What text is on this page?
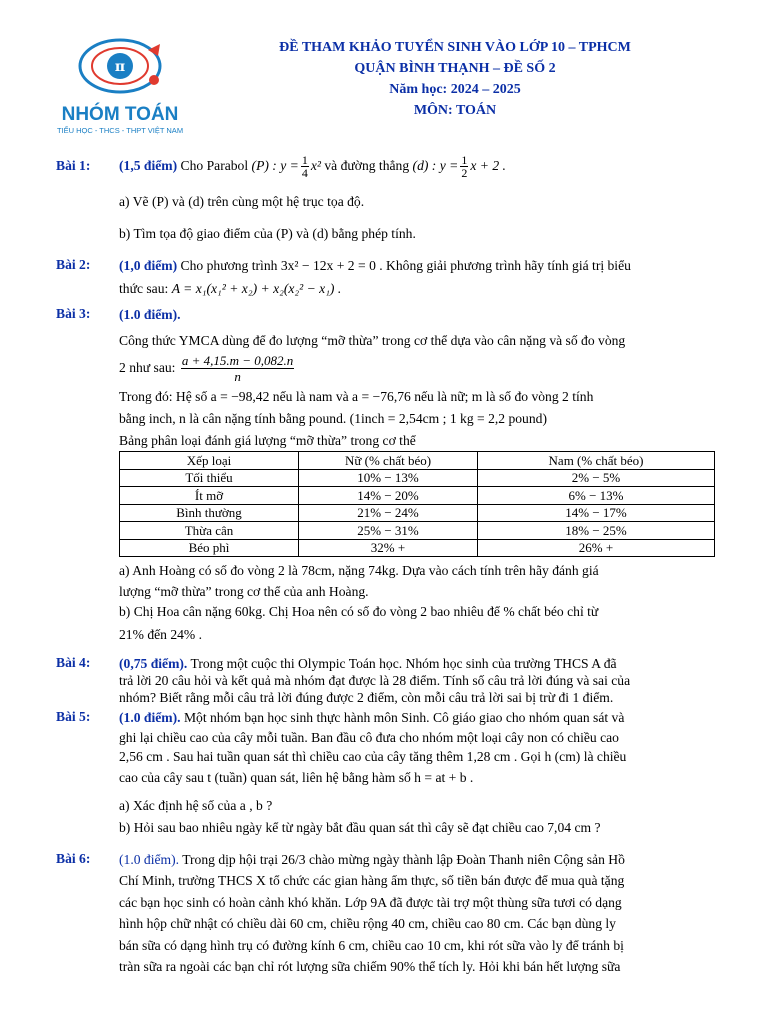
π
NHÓM TOÁN
TIỂU HỌC - THCS - THPT VIỆT NAM
ĐỀ THAM KHẢO TUYỂN SINH VÀO LỚP 10 – TPHCM
QUẬN BÌNH THẠNH – ĐỀ SỐ 2
Năm học: 2024 – 2025
MÔN: TOÁN
Bài 1: (1,5 điểm) Cho Parabol (P) : $y = \frac{1}{4} x^2$ và đường thẳng (d) : $y = \frac{1}{2}$ x + 2 .
a) Vẽ (P) và (d) trên cùng một hệ trục tọa độ.
b) Tìm tọa độ giao điểm của (P) và (d) bằng phép tính.
Bài 2: (1,0 điểm) Cho phương trình 3x² − 12x + 2 = 0 . Không giải phương trình hãy tính giá trị biểu
thức sau: A = x₁(x₁² + x₂) + x₂(x₂² − x₁) .
Bài 3: (1.0 điểm).
Công thức YMCA dùng để đo lượng “mỡ thừa” trong cơ thể dựa vào cân nặng và số đo vòng
2 như sau: $\frac{a + 4,15.m - 0,082.n}{n}$
Trong đó: Hệ số a = −98,42 nếu là nam và a = −76,76 nếu là nữ; m là số đo vòng 2 tính
bằng inch, n là cân nặng tính bằng pound. (1inch = 2,54cm ; 1 kg = 2,2 pound)
Bảng phân loại đánh giá lượng “mỡ thừa” trong cơ thể
Xếp loại	Nữ (% chất béo)	Nam (% chất béo)
Tối thiểu	10% − 13%	2% − 5%
Ít mỡ	14% − 20%	6% − 13%
Bình thường	21% − 24%	14% − 17%
Thừa cân	25% − 31%	18% − 25%
Béo phì	32% +	26% +
a) Anh Hoàng có số đo vòng 2 là 78cm, nặng 74kg. Dựa vào cách tính trên hãy đánh giá
lượng “mỡ thừa” trong cơ thể của anh Hoàng.
b) Chị Hoa cân nặng 60kg. Chị Hoa nên có số đo vòng 2 bao nhiêu để % chất béo chỉ từ
21% đến 24% .
Bài 4: (0,75 điểm). Trong một cuộc thi Olympic Toán học. Nhóm học sinh của trường THCS A đã
trả lời 20 câu hỏi và kết quả mà nhóm đạt được là 28 điểm. Tính số câu trả lời đúng và sai của
nhóm? Biết rằng mỗi câu trả lời đúng được 2 điểm, còn mỗi câu trả lời sai bị trừ đi 1 điểm.
Bài 5: (1.0 điểm). Một nhóm bạn học sinh thực hành môn Sinh. Cô giáo giao cho nhóm quan sát và
ghi lại chiều cao của cây mỗi tuần. Ban đầu cô đưa cho nhóm một loại cây non có chiều cao
2,56 cm . Sau hai tuần quan sát thì chiều cao của cây tăng thêm 1,28 cm . Gọi h (cm) là chiều
cao của cây sau t (tuần) quan sát, liên hệ bằng hàm số h = at + b .
a) Xác định hệ số của a , b ?
b) Hỏi sau bao nhiêu ngày kể từ ngày bắt đầu quan sát thì cây sẽ đạt chiều cao 7,04 cm ?
Bài 6: (1.0 điểm). Trong dịp hội trại 26/3 chào mừng ngày thành lập Đoàn Thanh niên Cộng sản Hồ
Chí Minh, trường THCS X tổ chức các gian hàng ẩm thực, số tiền bán được để mua quà tặng
các bạn học sinh có hoàn cảnh khó khăn. Lớp 9A đã được tài trợ một thùng sữa tươi có dạng
hình hộp chữ nhật có chiều dài 60 cm, chiều rộng 40 cm, chiều cao 80 cm. Các bạn dùng ly
bán sữa có dạng hình trụ có đường kính 6 cm, chiều cao 10 cm, khi rót sữa vào ly để tránh bị
tràn sữa ra ngoài các bạn chỉ rót lượng sữa chiếm 90% thể tích ly. Hỏi khi bán hết lượng sữa
